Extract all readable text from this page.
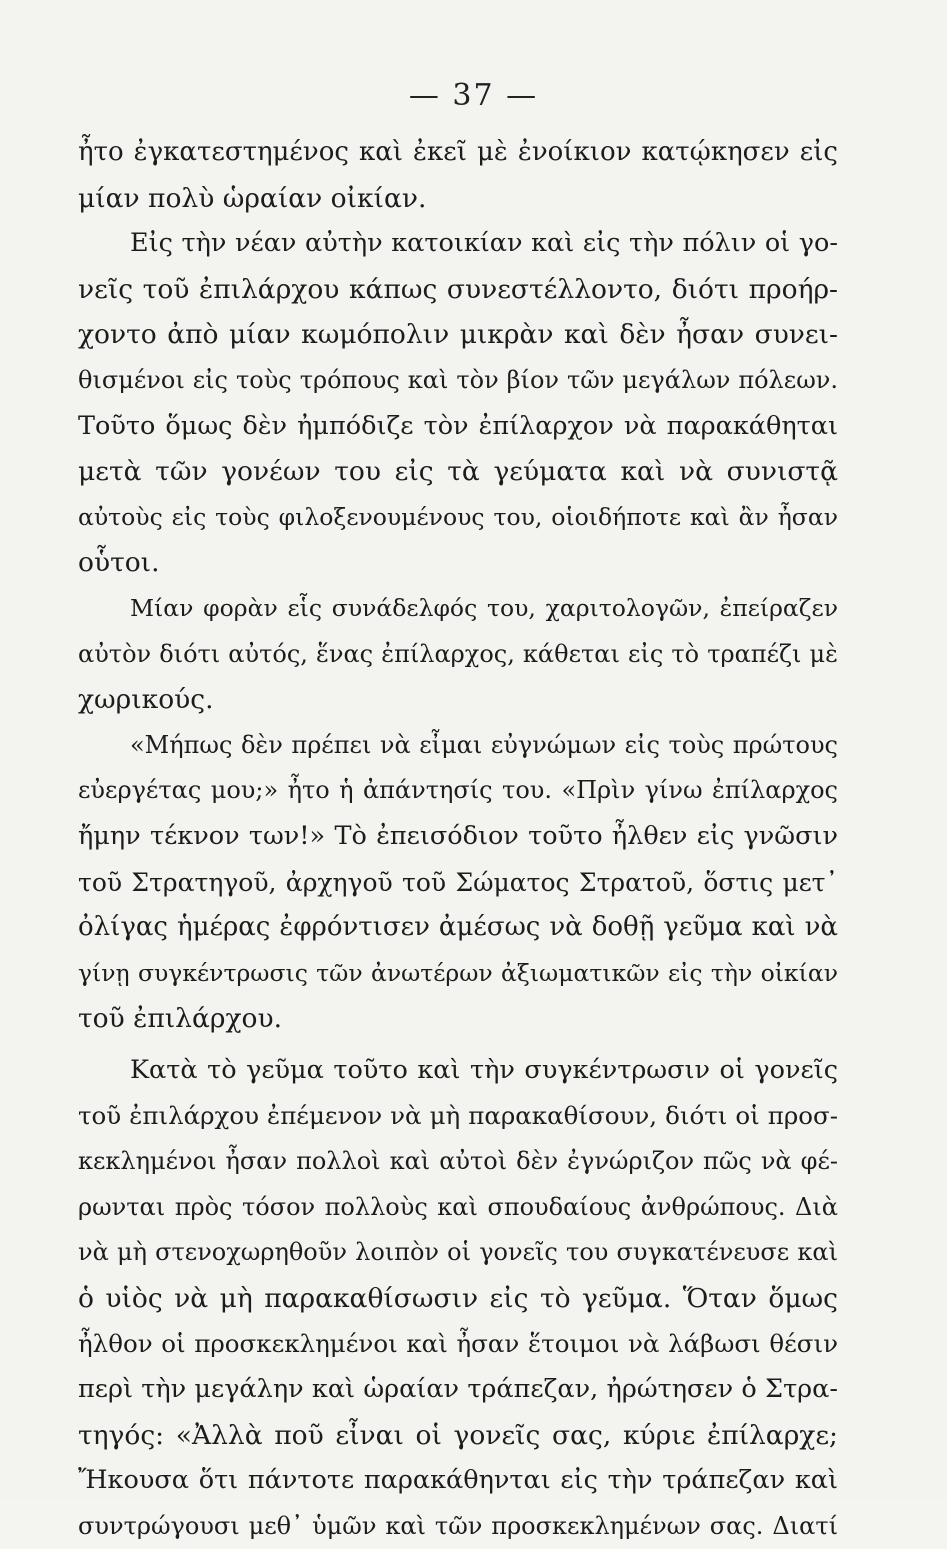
— 37 —
ἦτο ἐγκατεστημένος καὶ ἐκεῖ μὲ ἐνοίκιον κατῴκησεν εἰς
μίαν πολὺ ὡραίαν οἰκίαν.
Εἰς τὴν νέαν αὐτὴν κατοικίαν καὶ εἰς τὴν πόλιν οἱ γο-
νεῖς τοῦ ἐπιλάρχου κάπως συνεστέλλοντο, διότι προήρ-
χοντο ἀπὸ μίαν κωμόπολιν μικρὰν καὶ δὲν ἦσαν συνει-
θισμένοι εἰς τοὺς τρόπους καὶ τὸν βίον τῶν μεγάλων πόλεων.
Τοῦτο ὅμως δὲν ἠμπόδιζε τὸν ἐπίλαρχον νὰ παρακάθηται
μετὰ τῶν γονέων του εἰς τὰ γεύματα καὶ νὰ συνιστᾷ
αὐτοὺς εἰς τοὺς φιλοξενουμένους του, οἱοιδήποτε καὶ ἂν ἦσαν
οὗτοι.
Μίαν φορὰν εἷς συνάδελφός του, χαριτολογῶν, ἐπείραζεν
αὐτὸν διότι αὐτός, ἕνας ἐπίλαρχος, κάθεται εἰς τὸ τραπέζι μὲ
χωρικούς.
«Μήπως δὲν πρέπει νὰ εἶμαι εὐγνώμων εἰς τοὺς πρώτους
εὐεργέτας μου;» ἦτο ἡ ἀπάντησίς του. «Πρὶν γίνω ἐπίλαρχος
ἤμην τέκνον των!» Τὸ ἐπεισόδιον τοῦτο ἦλθεν εἰς γνῶσιν
τοῦ Στρατηγοῦ, ἀρχηγοῦ τοῦ Σώματος Στρατοῦ, ὅστις μετ᾽
ὀλίγας ἡμέρας ἐφρόντισεν ἀμέσως νὰ δοθῇ γεῦμα καὶ νὰ
γίνῃ συγκέντρωσις τῶν ἀνωτέρων ἀξιωματικῶν εἰς τὴν οἰκίαν
τοῦ ἐπιλάρχου.
Κατὰ τὸ γεῦμα τοῦτο καὶ τὴν συγκέντρωσιν οἱ γονεῖς
τοῦ ἐπιλάρχου ἐπέμενον νὰ μὴ παρακαθίσουν, διότι οἱ προσ-
κεκλημένοι ἦσαν πολλοὶ καὶ αὐτοὶ δὲν ἐγνώριζον πῶς νὰ φέ-
ρωνται πρὸς τόσον πολλοὺς καὶ σπουδαίους ἀνθρώπους. Διὰ
νὰ μὴ στενοχωρηθοῦν λοιπὸν οἱ γονεῖς του συγκατένευσε καὶ
ὁ υἱὸς νὰ μὴ παρακαθίσωσιν εἰς τὸ γεῦμα. Ὅταν ὅμως
ἦλθον οἱ προσκεκλημένοι καὶ ἦσαν ἕτοιμοι νὰ λάβωσι θέσιν
περὶ τὴν μεγάλην καὶ ὡραίαν τράπεζαν, ἠρώτησεν ὁ Στρα-
τηγός: «Ἀλλὰ ποῦ εἶναι οἱ γονεῖς σας, κύριε ἐπίλαρχε;
Ἤκουσα ὅτι πάντοτε παρακάθηνται εἰς τὴν τράπεζαν καὶ
συντρώγουσι μεθ᾽ ὑμῶν καὶ τῶν προσκεκλημένων σας. Διατί
